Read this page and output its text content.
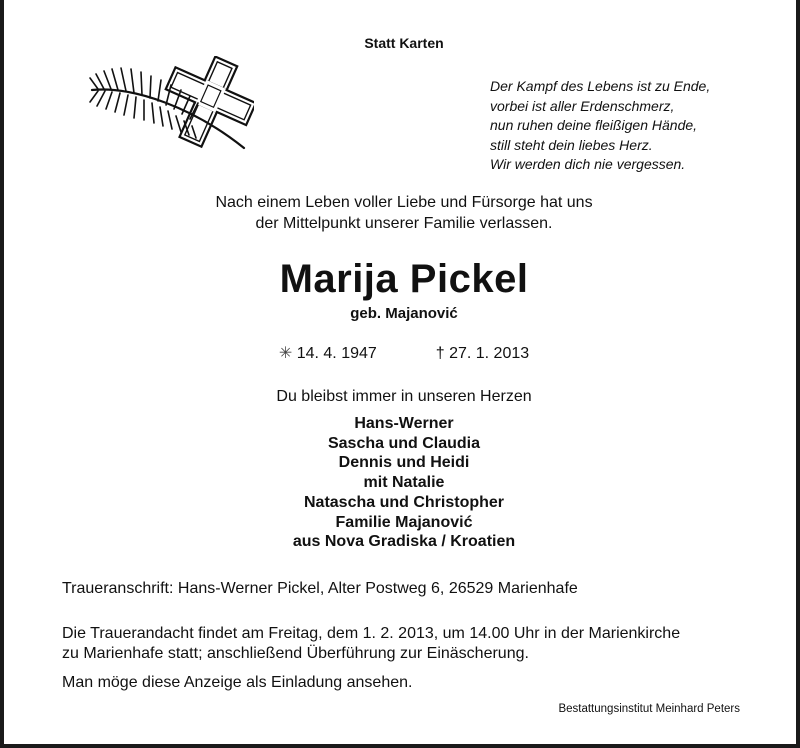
Statt Karten
Der Kampf des Lebens ist zu Ende,
vorbei ist aller Erdenschmerz,
nun ruhen deine fleißigen Hände,
still steht dein liebes Herz.
Wir werden dich nie vergessen.
Nach einem Leben voller Liebe und Fürsorge hat uns
der Mittelpunkt unserer Familie verlassen.
Marija Pickel
geb. Majanović
✳ 14. 4. 1947	† 27. 1. 2013
Du bleibst immer in unseren Herzen
Hans-Werner
Sascha und Claudia
Dennis und Heidi
mit Natalie
Natascha und Christopher
Familie Majanović
aus Nova Gradiska / Kroatien
Traueranschrift: Hans-Werner Pickel, Alter Postweg 6, 26529 Marienhafe
Die Trauerandacht findet am Freitag, dem 1. 2. 2013, um 14.00 Uhr in der Marienkirche
zu Marienhafe statt; anschließend Überführung zur Einäscherung.
Man möge diese Anzeige als Einladung ansehen.
Bestattungsinstitut Meinhard Peters
